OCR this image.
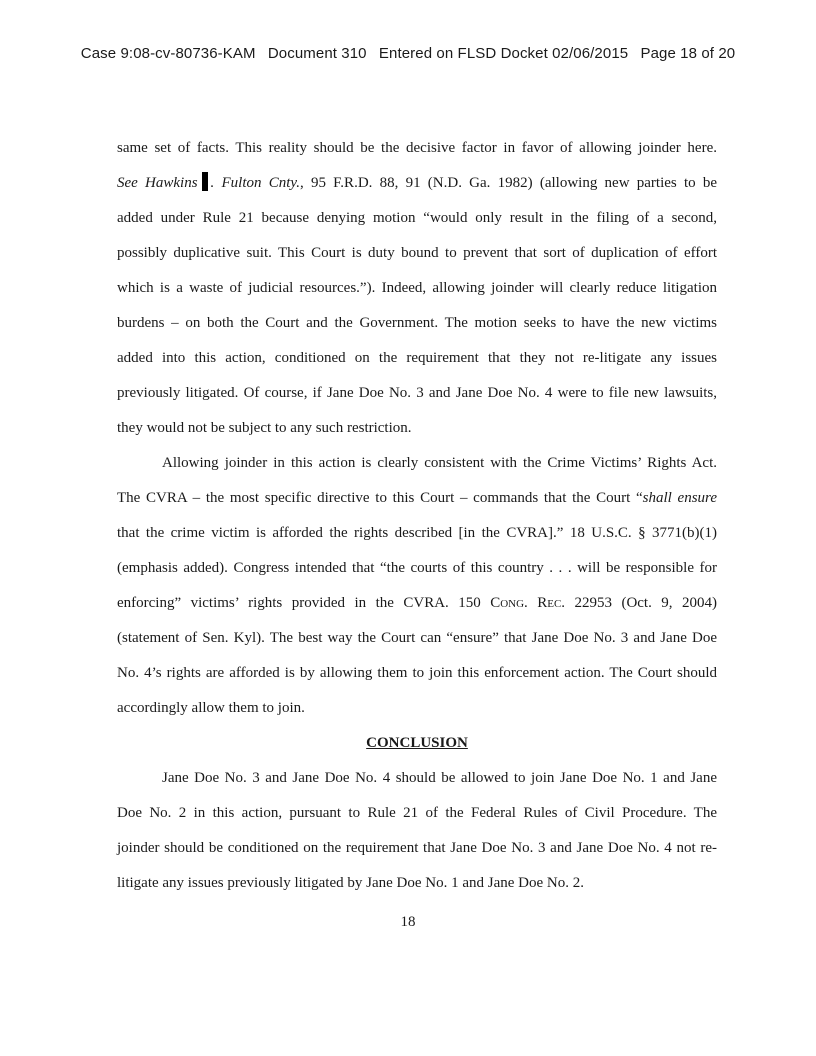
Case 9:08-cv-80736-KAM Document 310 Entered on FLSD Docket 02/06/2015 Page 18 of 20
same set of facts. This reality should be the decisive factor in favor of allowing joinder here.
See Hawkins . Fulton Cnty., 95 F.R.D. 88, 91 (N.D. Ga. 1982) (allowing new parties to be
added under Rule 21 because denying motion “would only result in the filing of a second,
possibly duplicative suit. This Court is duty bound to prevent that sort of duplication of effort
which is a waste of judicial resources.”). Indeed, allowing joinder will clearly reduce litigation
burdens – on both the Court and the Government. The motion seeks to have the new victims
added into this action, conditioned on the requirement that they not re-litigate any issues
previously litigated. Of course, if Jane Doe No. 3 and Jane Doe No. 4 were to file new lawsuits,
they would not be subject to any such restriction.
Allowing joinder in this action is clearly consistent with the Crime Victims’ Rights Act.
The CVRA – the most specific directive to this Court – commands that the Court “shall ensure
that the crime victim is afforded the rights described [in the CVRA].” 18 U.S.C. § 3771(b)(1)
(emphasis added). Congress intended that “the courts of this country . . . will be responsible for
enforcing” victims’ rights provided in the CVRA. 150 Cong. Rec. 22953 (Oct. 9, 2004)
(statement of Sen. Kyl). The best way the Court can “ensure” that Jane Doe No. 3 and Jane Doe
No. 4’s rights are afforded is by allowing them to join this enforcement action. The Court should
accordingly allow them to join.
CONCLUSION
Jane Doe No. 3 and Jane Doe No. 4 should be allowed to join Jane Doe No. 1 and Jane
Doe No. 2 in this action, pursuant to Rule 21 of the Federal Rules of Civil Procedure. The
joinder should be conditioned on the requirement that Jane Doe No. 3 and Jane Doe No. 4 not re-
litigate any issues previously litigated by Jane Doe No. 1 and Jane Doe No. 2.
18
